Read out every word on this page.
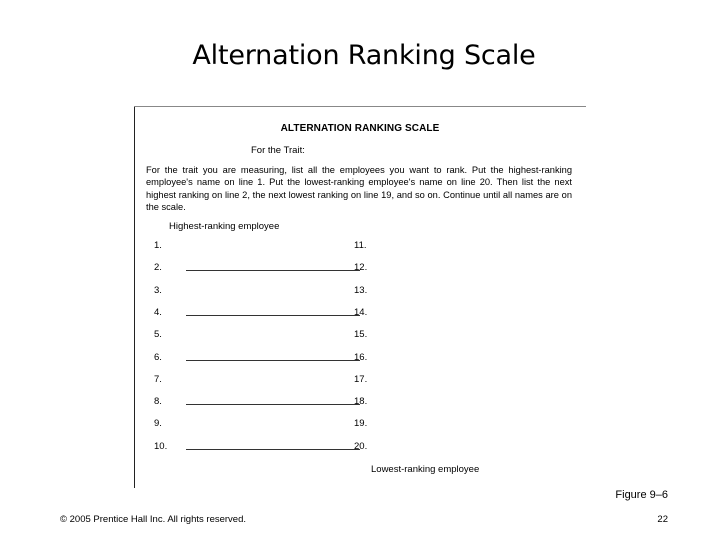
Alternation Ranking Scale
ALTERNATION RANKING SCALE
For the Trait:
For the trait you are measuring, list all the employees you want to rank. Put the highest-ranking employee's name on line 1. Put the lowest-ranking employee's name on line 20. Then list the next highest ranking on line 2, the next lowest ranking on line 19, and so on. Continue until all names are on the scale.
Highest-ranking employee
1.
2.
3.
4.
5.
6.
7.
8.
9.
10.
11.
12.
13.
14.
15.
16.
17.
18.
19.
20.
Lowest-ranking employee
Figure 9–6
© 2005 Prentice Hall Inc. All rights reserved.	22
